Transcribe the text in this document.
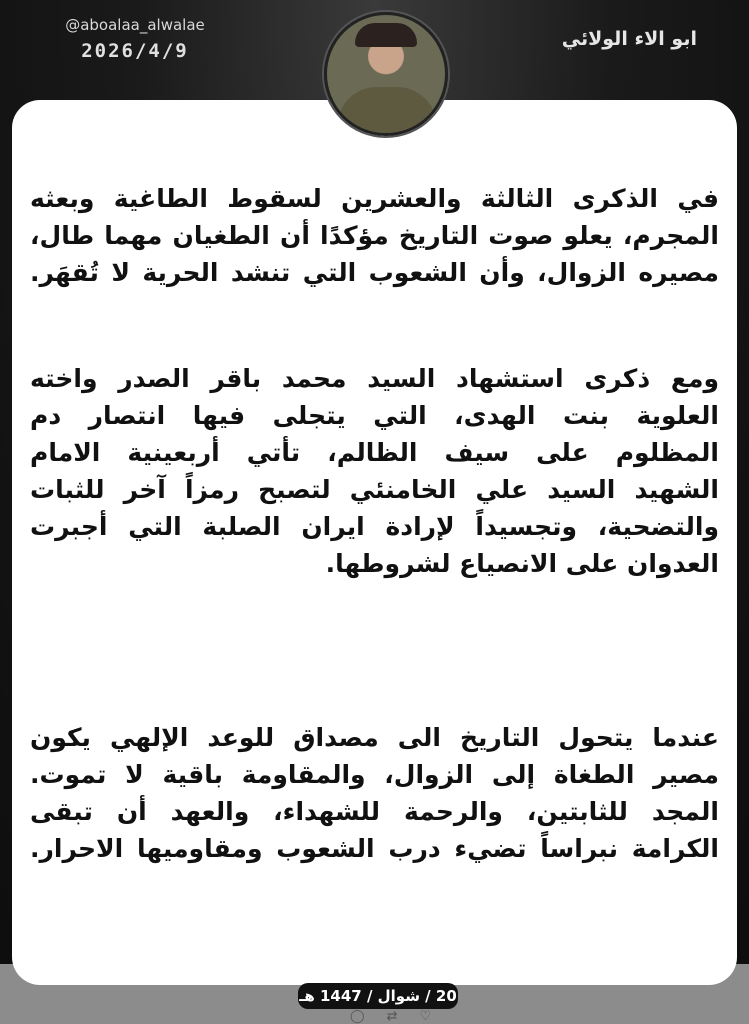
@aboalaa_alwalae
2026/4/9
ابو الاء الولائي
في الذكرى الثالثة والعشرين لسقوط الطاغية وبعثه
المجرم، يعلو صوت التاريخ مؤكدًا أن الطغيان مهما طال،
مصيره الزوال، وأن الشعوب التي تنشد الحرية لا تُقهَر.
ومع ذكرى استشهاد السيد محمد باقر الصدر واخته
العلوية بنت الهدى، التي يتجلى فيها انتصار دم
المظلوم على سيف الظالم، تأتي أربعينية الامام
الشهيد السيد علي الخامنئي لتصبح رمزاً آخر للثبات
والتضحية، وتجسيداً لإرادة ايران الصلبة التي أجبرت
العدوان على الانصياع لشروطها.
عندما يتحول التاريخ الى مصداق للوعد الإلهي يكون
مصير الطغاة إلى الزوال، والمقاومة باقية لا تموت.
المجد للثابتين، والرحمة للشهداء، والعهد أن تبقى
الكرامة نبراساً تضيء درب الشعوب ومقاوميها الاحرار.
20 / شوال / 1447 هـ
◯ ⇄ ♡
